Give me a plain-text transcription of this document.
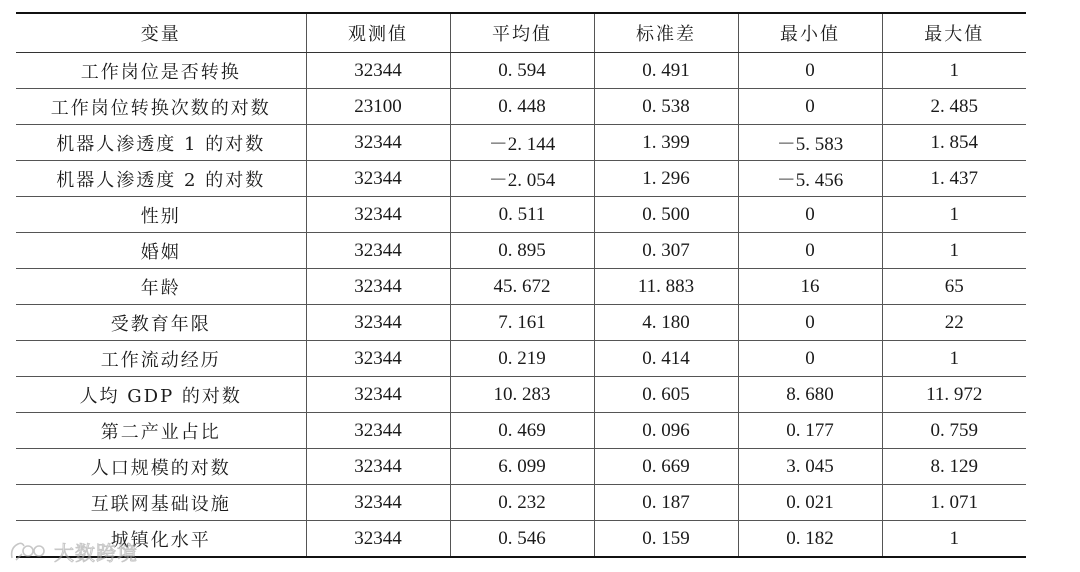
变量	观测值	平均值	标准差	最小值	最大值
工作岗位是否转换	32344	0. 594	0. 491	0	1
工作岗位转换次数的对数	23100	0. 448	0. 538	0	2. 485
机器人渗透度 1 的对数	32344	－2. 144	1. 399	－5. 583	1. 854
机器人渗透度 2 的对数	32344	－2. 054	1. 296	－5. 456	1. 437
性别	32344	0. 511	0. 500	0	1
婚姻	32344	0. 895	0. 307	0	1
年龄	32344	45. 672	11. 883	16	65
受教育年限	32344	7. 161	4. 180	0	22
工作流动经历	32344	0. 219	0. 414	0	1
人均 GDP 的对数	32344	10. 283	0. 605	8. 680	11. 972
第二产业占比	32344	0. 469	0. 096	0. 177	0. 759
人口规模的对数	32344	6. 099	0. 669	3. 045	8. 129
互联网基础设施	32344	0. 232	0. 187	0. 021	1. 071
城镇化水平	32344	0. 546	0. 159	0. 182	1
大数跨境
